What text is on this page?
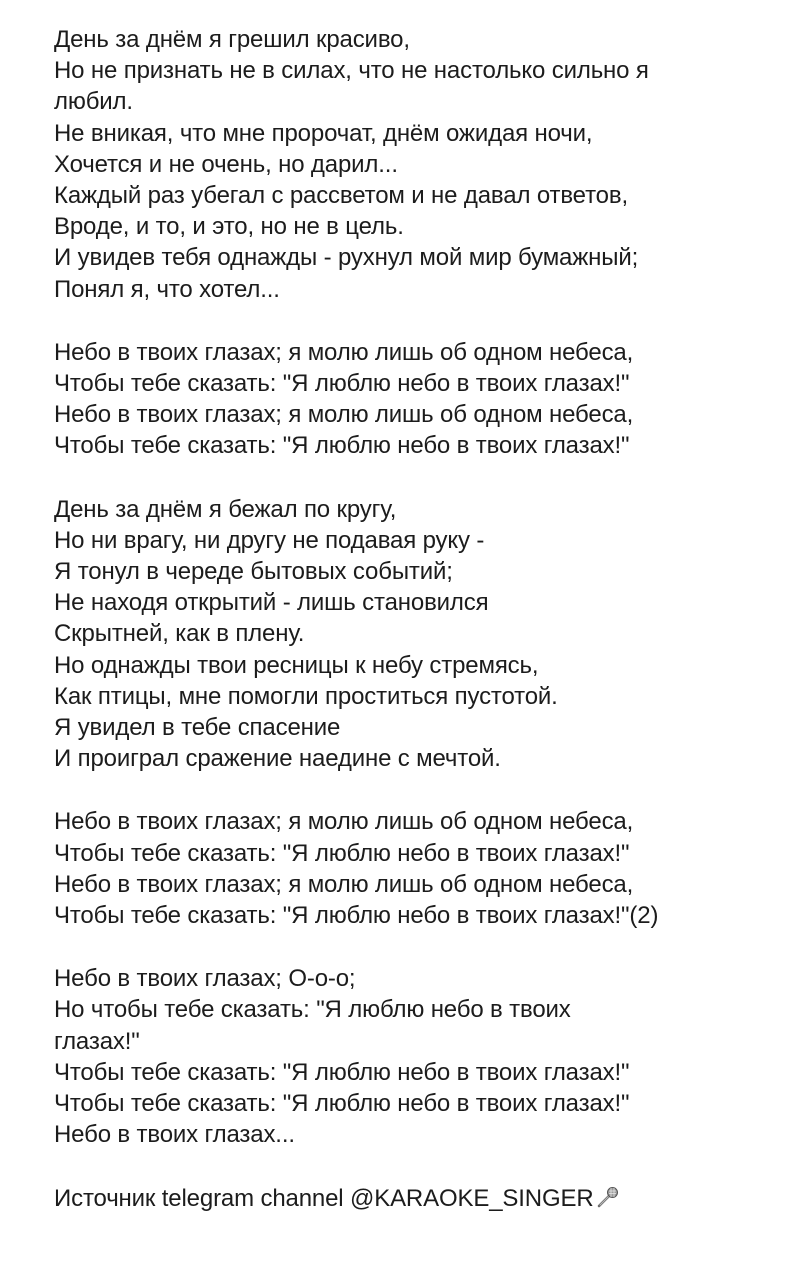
День за днём я грешил красиво,
Но не признать не в силах, что не настолько сильно я
любил.
Не вникая, что мне пророчат, днём ожидая ночи,
Хочется и не очень, но дарил...
Каждый раз убегал с рассветом и не давал ответов,
Вроде, и то, и это, но не в цель.
И увидев тебя однажды - рухнул мой мир бумажный;
Понял я, что хотел...
Небо в твоих глазах; я молю лишь об одном небеса,
Чтобы тебе сказать: "Я люблю небо в твоих глазах!"
Небо в твоих глазах; я молю лишь об одном небеса,
Чтобы тебе сказать: "Я люблю небо в твоих глазах!"
День за днём я бежал по кругу,
Но ни врагу, ни другу не подавая руку -
Я тонул в череде бытовых событий;
Не находя открытий - лишь становился
Скрытней, как в плену.
Но однажды твои ресницы к небу стремясь,
Как птицы, мне помогли проститься пустотой.
Я увидел в тебе спасение
И проиграл сражение наедине с мечтой.
Небо в твоих глазах; я молю лишь об одном небеса,
Чтобы тебе сказать: "Я люблю небо в твоих глазах!"
Небо в твоих глазах; я молю лишь об одном небеса,
Чтобы тебе сказать: "Я люблю небо в твоих глазах!"(2)
Небо в твоих глазах; О-о-о;
Но чтобы тебе сказать: "Я люблю небо в твоих
глазах!"
Чтобы тебе сказать: "Я люблю небо в твоих глазах!"
Чтобы тебе сказать: "Я люблю небо в твоих глазах!"
Небо в твоих глазах...
Источник telegram channel @KARAOKE_SINGER
